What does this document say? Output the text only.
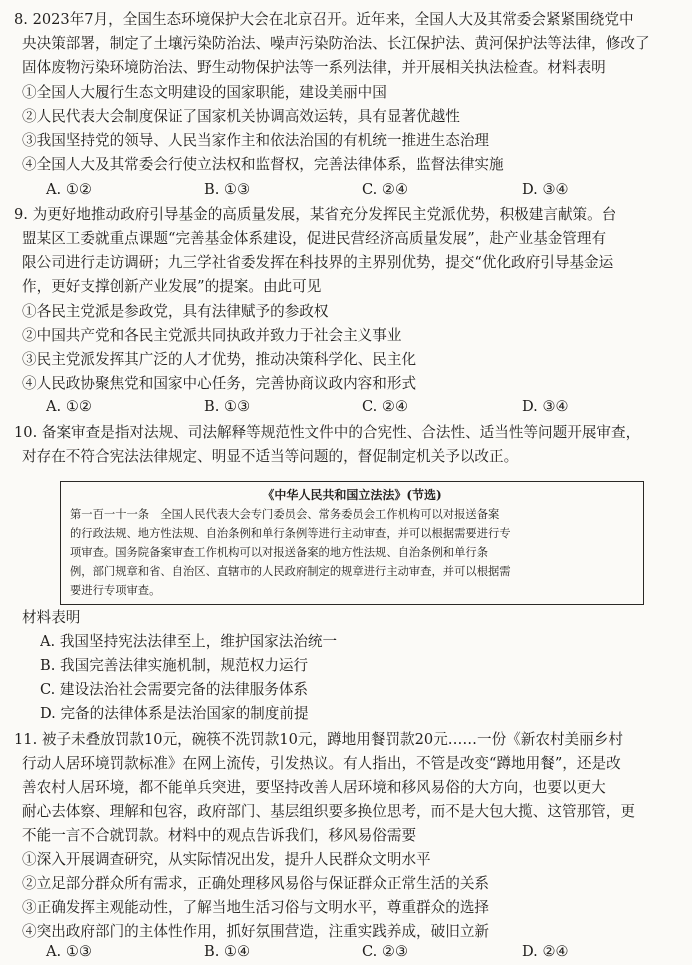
8. 2023年7月，全国生态环境保护大会在北京召开。近年来，全国人大及其常委会紧紧围绕党中
央决策部署，制定了土壤污染防治法、噪声污染防治法、长江保护法、黄河保护法等法律，修改了
固体废物污染环境防治法、野生动物保护法等一系列法律，并开展相关执法检查。材料表明
①全国人大履行生态文明建设的国家职能，建设美丽中国
②人民代表大会制度保证了国家机关协调高效运转，具有显著优越性
③我国坚持党的领导、人民当家作主和依法治国的有机统一推进生态治理
④全国人大及其常委会行使立法权和监督权，完善法律体系，监督法律实施
A. ①②	B. ①③	C. ②④	D. ③④
9. 为更好地推动政府引导基金的高质量发展，某省充分发挥民主党派优势，积极建言献策。台
盟某区工委就重点课题“完善基金体系建设，促进民营经济高质量发展”，赴产业基金管理有
限公司进行走访调研；九三学社省委发挥在科技界的主界别优势，提交“优化政府引导基金运
作，更好支撑创新产业发展”的提案。由此可见
①各民主党派是参政党，具有法律赋予的参政权
②中国共产党和各民主党派共同执政并致力于社会主义事业
③民主党派发挥其广泛的人才优势，推动决策科学化、民主化
④人民政协聚焦党和国家中心任务，完善协商议政内容和形式
A. ①②	B. ①③	C. ②④	D. ③④
10. 备案审查是指对法规、司法解释等规范性文件中的合宪性、合法性、适当性等问题开展审查，
对存在不符合宪法法律规定、明显不适当等问题的，督促制定机关予以改正。
《中华人民共和国立法法》(节选)
第一百一十一条　全国人民代表大会专门委员会、常务委员会工作机构可以对报送备案
的行政法规、地方性法规、自治条例和单行条例等进行主动审查，并可以根据需要进行专
项审查。国务院备案审查工作机构可以对报送备案的地方性法规、自治条例和单行条
例，部门规章和省、自治区、直辖市的人民政府制定的规章进行主动审查，并可以根据需
要进行专项审查。
材料表明
A. 我国坚持宪法法律至上，维护国家法治统一
B. 我国完善法律实施机制，规范权力运行
C. 建设法治社会需要完备的法律服务体系
D. 完备的法律体系是法治国家的制度前提
11. 被子未叠放罚款10元，碗筷不洗罚款10元，蹲地用餐罚款20元……一份《新农村美丽乡村
行动人居环境罚款标准》在网上流传，引发热议。有人指出，不管是改变“蹲地用餐”，还是改
善农村人居环境，都不能单兵突进，要坚持改善人居环境和移风易俗的大方向，也要以更大
耐心去体察、理解和包容，政府部门、基层组织要多换位思考，而不是大包大揽、这管那管，更
不能一言不合就罚款。材料中的观点告诉我们，移风易俗需要
①深入开展调查研究，从实际情况出发，提升人民群众文明水平
②立足部分群众所有需求，正确处理移风易俗与保证群众正常生活的关系
③正确发挥主观能动性，了解当地生活习俗与文明水平，尊重群众的选择
④突出政府部门的主体性作用，抓好氛围营造，注重实践养成，破旧立新
A. ①③	B. ①④	C. ②③	D. ②④
